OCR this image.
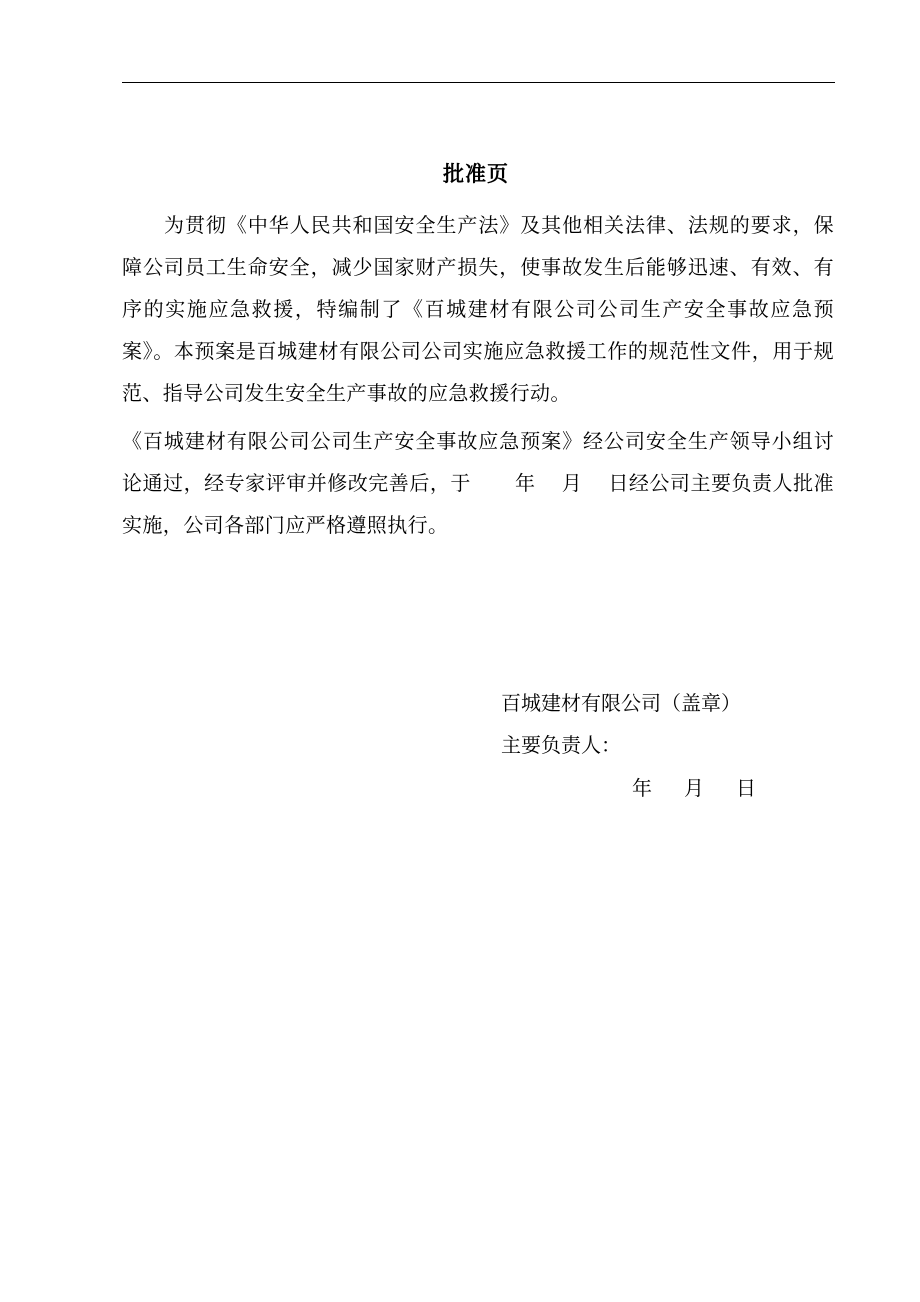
批准页
为贯彻《中华人民共和国安全生产法》及其他相关法律、法规的要求，保障公司员工生命安全，减少国家财产损失，使事故发生后能够迅速、有效、有序的实施应急救援，特编制了《百城建材有限公司公司生产安全事故应急预案》。本预案是百城建材有限公司公司实施应急救援工作的规范性文件，用于规范、指导公司发生安全生产事故的应急救援行动。
《百城建材有限公司公司生产安全事故应急预案》经公司安全生产领导小组讨论通过，经专家评审并修改完善后，于 年 月 日经公司主要负责人批准实施，公司各部门应严格遵照执行。
百城建材有限公司（盖章）
主要负责人：
年 月 日
